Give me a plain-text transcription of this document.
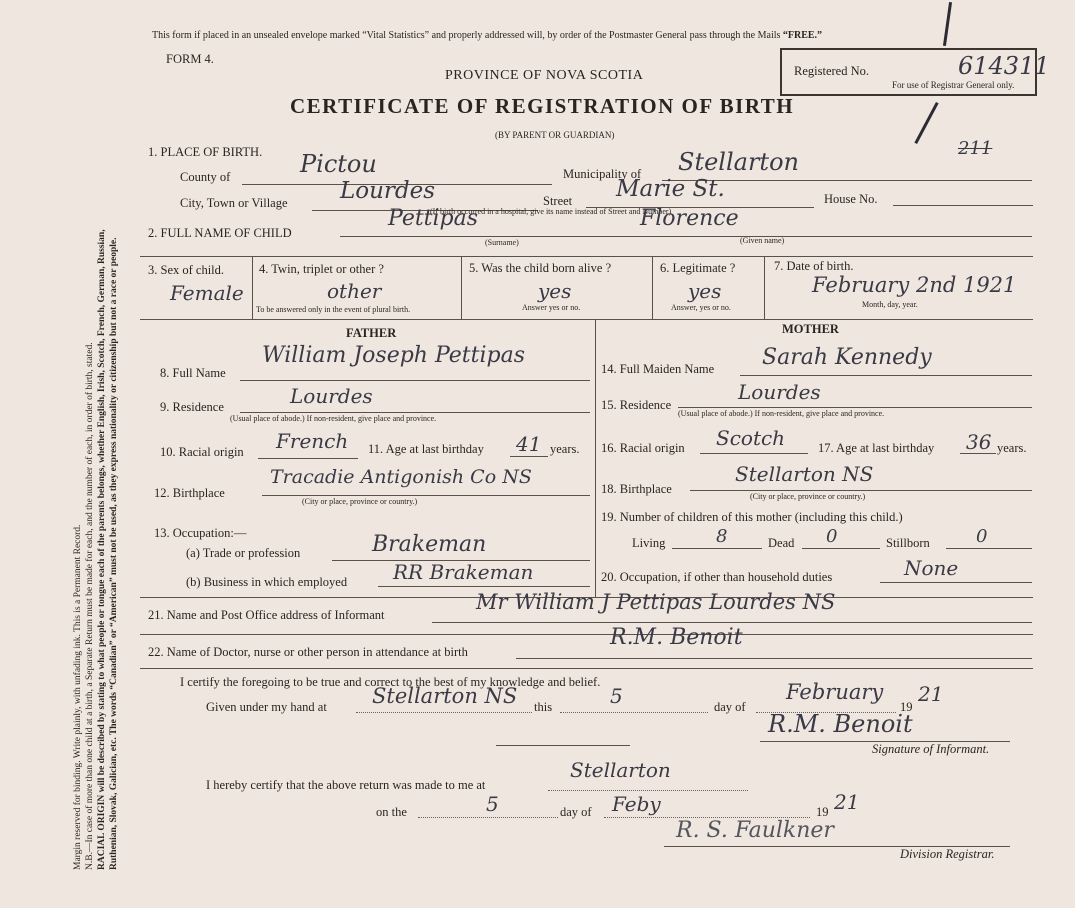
Margin reserved for binding. Write plainly, with unfading ink. This is a Permanent Record. N.B.—In case of more than one child at a birth, a Separate Return must be made for each, and the number of each, in order of birth, stated. RACIAL ORIGIN will be described by stating to what people or tongue each of the parents belongs, whether English, Irish, Scotch, French, German, Russian, Ruthenian, Slovak, Galician, etc. The words “Canadian” or “American” must not be used, as they express nationality or citizenship but not a race or people.
This form if placed in an unsealed envelope marked “Vital Statistics” and properly addressed will, by order of the Postmaster General pass through the Mails “FREE.”
FORM 4.
PROVINCE OF NOVA SCOTIA
CERTIFICATE OF REGISTRATION OF BIRTH
(BY PARENT OR GUARDIAN)
Registered No.
For use of Registrar General only.
614311
211
1. PLACE OF BIRTH.
County of	Pictou	Municipality of Stellarton
City, Town or Village Lourdes	Street Marie St.	House No.
(If birth occurred in a hospital, give its name instead of Street and Number)
2. FULL NAME OF CHILD
Pettipas	Florence
(Surname)	(Given name)
3. Sex of child.
Female
4. Twin, triplet or other ?
other
To be answered only in the event of plural birth.
5. Was the child born alive ?
yes
Answer yes or no.
6. Legitimate ?
yes
Answer, yes or no.
7. Date of birth.
February 2nd 1921
Month, day, year.
FATHER	MOTHER
8. Full Name
William Joseph Pettipas
9. Residence	Lourdes
(Usual place of abode.) If non-resident, give place and province.
10. Racial origin French 11. Age at last birthday 41 years.
12. Birthplace
Tracadie Antigonish Co NS
(City or place, province or country.)
13. Occupation:—
(a) Trade or profession	Brakeman
(b) Business in which employed RR Brakeman
14. Full Maiden Name Sarah Kennedy
15. Residence
Lourdes
(Usual place of abode.) If non-resident, give place and province.
16. Racial origin Scotch	17. Age at last birthday 36 years.
18. Birthplace
Stellarton NS
(City or place, province or country.)
19. Number of children of this mother (including this child.)
Living	8	Dead 0	Stillborn	0
20. Occupation, if other than household duties	None
21. Name and Post Office address of Informant
Mr William J Pettipas Lourdes NS
22. Name of Doctor, nurse or other person in attendance at birth
R.M. Benoit
I certify the foregoing to be true and correct to the best of my knowledge and belief.
Given under my hand at Stellarton NS this	5	day of
February
19
21
R.M. Benoit
Signature of Informant.
I hereby certify that the above return was made to me at
Stellarton
on the	5	day of Feby	19 21
R. S. Faulkner
Division Registrar.
